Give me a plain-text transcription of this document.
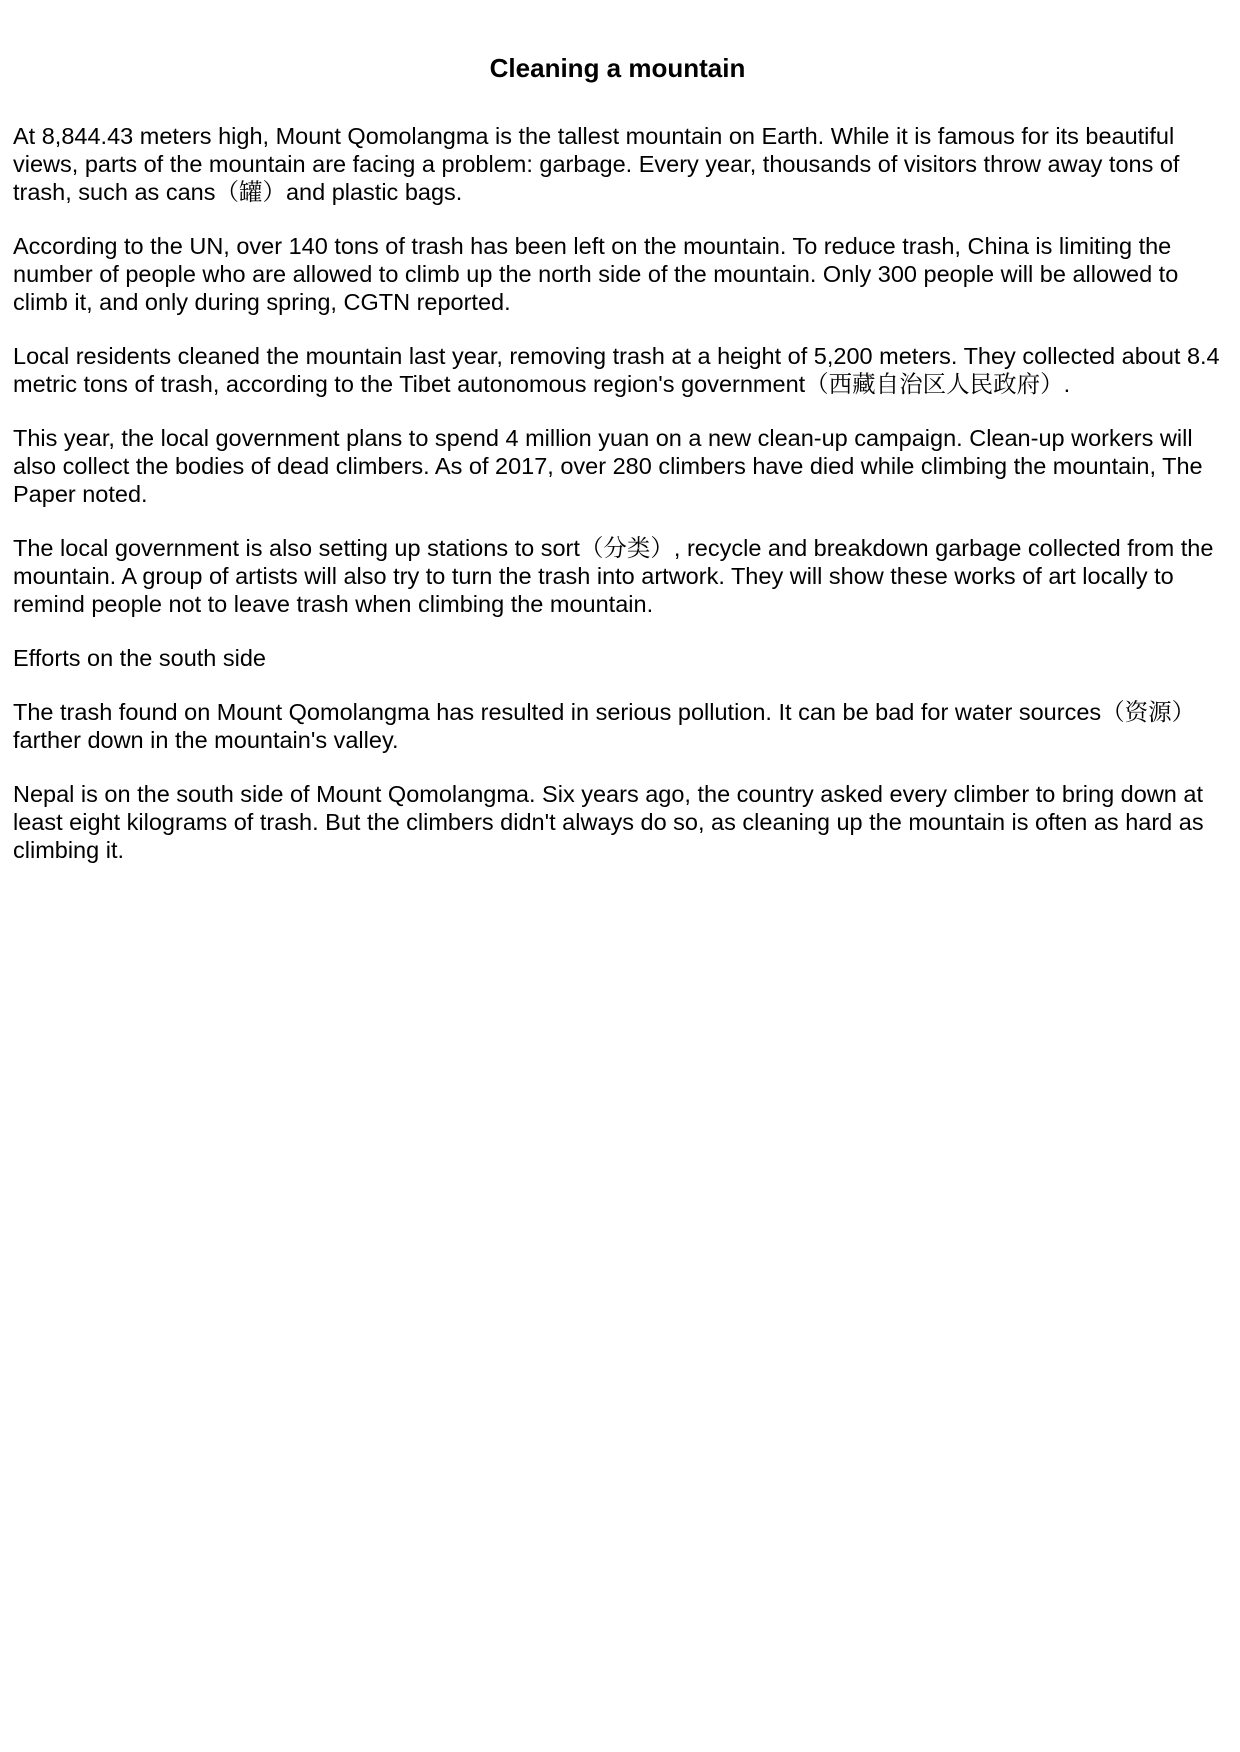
Cleaning a mountain

At 8,844.43 meters high, Mount Qomolangma is the tallest mountain on Earth. While it is famous for its beautiful views, parts of the mountain are facing a problem: garbage. Every year, thousands of visitors throw away tons of trash, such as cans（罐）and plastic bags.

According to the UN, over 140 tons of trash has been left on the mountain. To reduce trash, China is limiting the number of people who are allowed to climb up the north side of the mountain. Only 300 people will be allowed to climb it, and only during spring, CGTN reported.

Local residents cleaned the mountain last year, removing trash at a height of 5,200 meters. They collected about 8.4 metric tons of trash, according to the Tibet autonomous region's government（西藏自治区人民政府）.

This year, the local government plans to spend 4 million yuan on a new clean-up campaign. Clean-up workers will also collect the bodies of dead climbers. As of 2017, over 280 climbers have died while climbing the mountain, The Paper noted.

The local government is also setting up stations to sort（分类）, recycle and breakdown garbage collected from the mountain. A group of artists will also try to turn the trash into artwork. They will show these works of art locally to remind people not to leave trash when climbing the mountain.

Efforts on the south side

The trash found on Mount Qomolangma has resulted in serious pollution. It can be bad for water sources（资源）farther down in the mountain's valley.

Nepal is on the south side of Mount Qomolangma. Six years ago, the country asked every climber to bring down at least eight kilograms of trash. But the climbers didn't always do so, as cleaning up the mountain is often as hard as climbing it.
